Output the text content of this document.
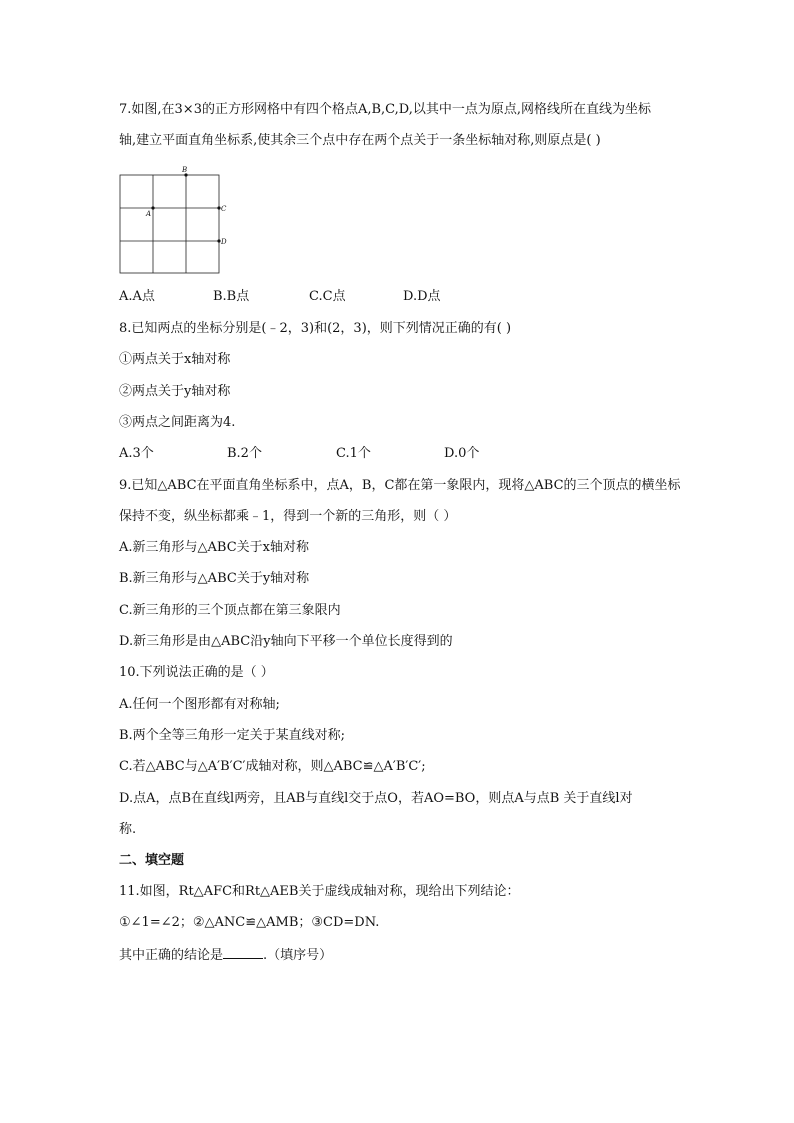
7.如图,在3×3的正方形网格中有四个格点A,B,C,D,以其中一点为原点,网格线所在直线为坐标
轴,建立平面直角坐标系,使其余三个点中存在两个点关于一条坐标轴对称,则原点是( )
A
B
C
D
A.A点	B.B点	C.C点	D.D点
8.已知两点的坐标分别是(﹣2，3)和(2，3)，则下列情况正确的有( )
①两点关于x轴对称
②两点关于y轴对称
③两点之间距离为4.
A.3个	B.2个	C.1个	D.0个
9.已知△ABC在平面直角坐标系中，点A，B，C都在第一象限内，现将△ABC的三个顶点的横坐标
保持不变，纵坐标都乘﹣1，得到一个新的三角形，则（ ）
A.新三角形与△ABC关于x轴对称
B.新三角形与△ABC关于y轴对称
C.新三角形的三个顶点都在第三象限内
D.新三角形是由△ABC沿y轴向下平移一个单位长度得到的
10.下列说法正确的是（ ）
A.任何一个图形都有对称轴;
B.两个全等三角形一定关于某直线对称;
C.若△ABC与△A′B′C′成轴对称，则△ABC≌△A′B′C′;
D.点A，点B在直线l两旁，且AB与直线l交于点O，若AO=BO，则点A与点B 关于直线l对
称.
二、填空题
11.如图，Rt△AFC和Rt△AEB关于虚线成轴对称，现给出下列结论：
①∠1=∠2；②△ANC≌△AMB；③CD=DN.
其中正确的结论是	.（填序号）
